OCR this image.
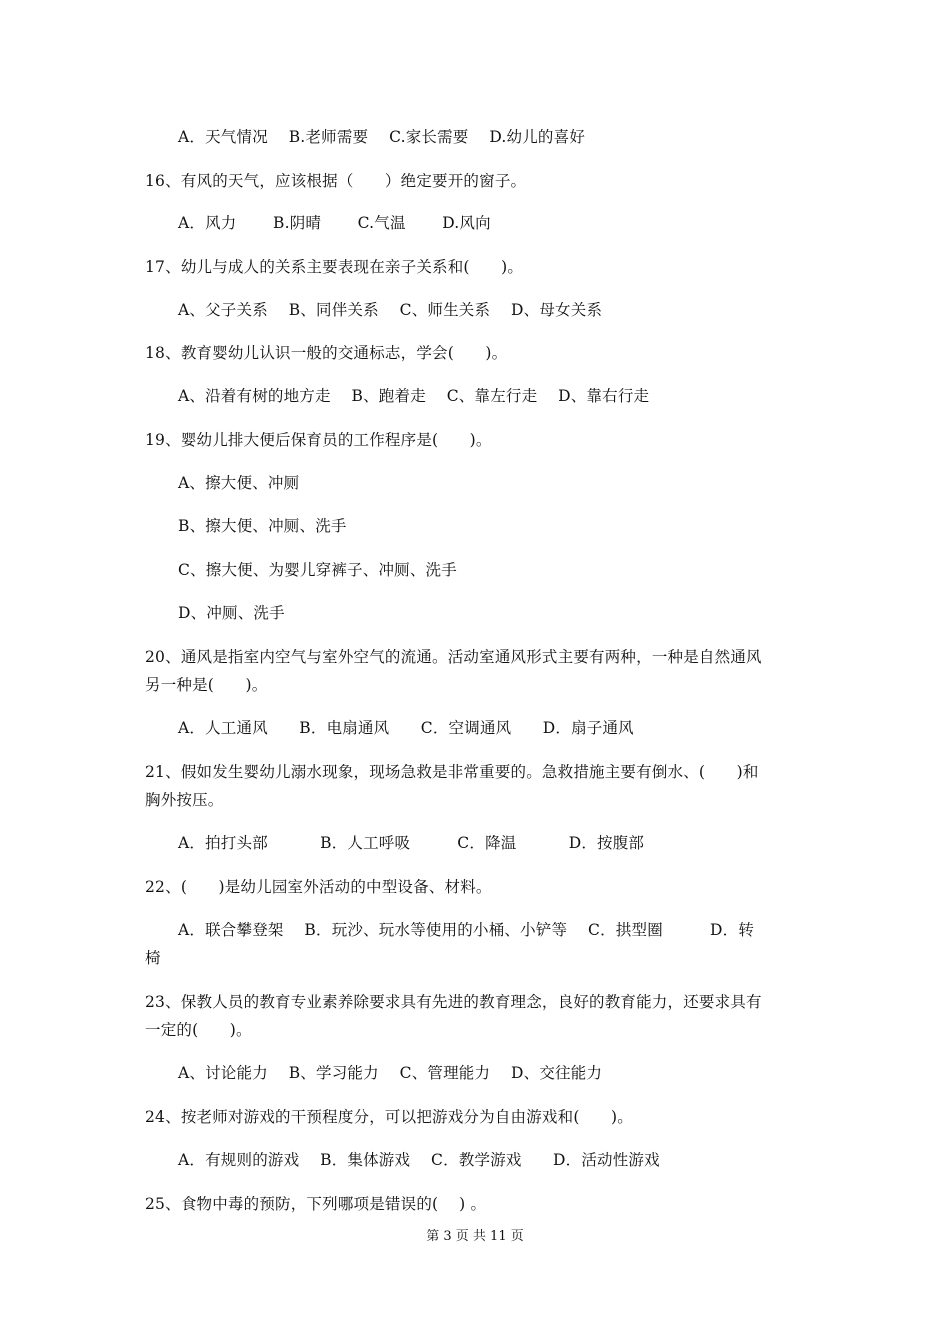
A．天气情况　 B.老师需要　 C.家长需要　 D.幼儿的喜好
16、有风的天气，应该根据（　　）绝定要开的窗子。
A．风力　　 B.阴晴　　 C.气温　　 D.风向
17、幼儿与成人的关系主要表现在亲子关系和(　　)。
A、父子关系　 B、同伴关系　 C、师生关系　 D、母女关系
18、教育婴幼儿认识一般的交通标志，学会(　　)。
A、沿着有树的地方走　 B、跑着走　 C、靠左行走　 D、靠右行走
19、婴幼儿排大便后保育员的工作程序是(　　)。
A、擦大便、冲厕
B、擦大便、冲厕、洗手
C、擦大便、为婴儿穿裤子、冲厕、洗手
D、冲厕、洗手
20、通风是指室内空气与室外空气的流通。活动室通风形式主要有两种，一种是自然通风
另一种是(　　)。
A．人工通风　　B．电扇通风　　C．空调通风　　D．扇子通风
21、假如发生婴幼儿溺水现象，现场急救是非常重要的。急救措施主要有倒水、(　　)和
胸外按压。
A．拍打头部　　　 B．人工呼吸　　　C．降温　　　 D．按腹部
22、(　　)是幼儿园室外活动的中型设备、材料。
A．联合攀登架　 B．玩沙、玩水等使用的小桶、小铲等　 C．拱型圈　　　D．转
椅
23、保教人员的教育专业素养除要求具有先进的教育理念，良好的教育能力，还要求具有
一定的(　　)。
A、讨论能力　 B、学习能力　 C、管理能力　 D、交往能力
24、按老师对游戏的干预程度分，可以把游戏分为自由游戏和(　　)。
A．有规则的游戏　 B．集体游戏　 C．教学游戏　　D．活动性游戏
25、食物中毒的预防，下列哪项是错误的(　 ) 。
第 3 页 共 11 页
